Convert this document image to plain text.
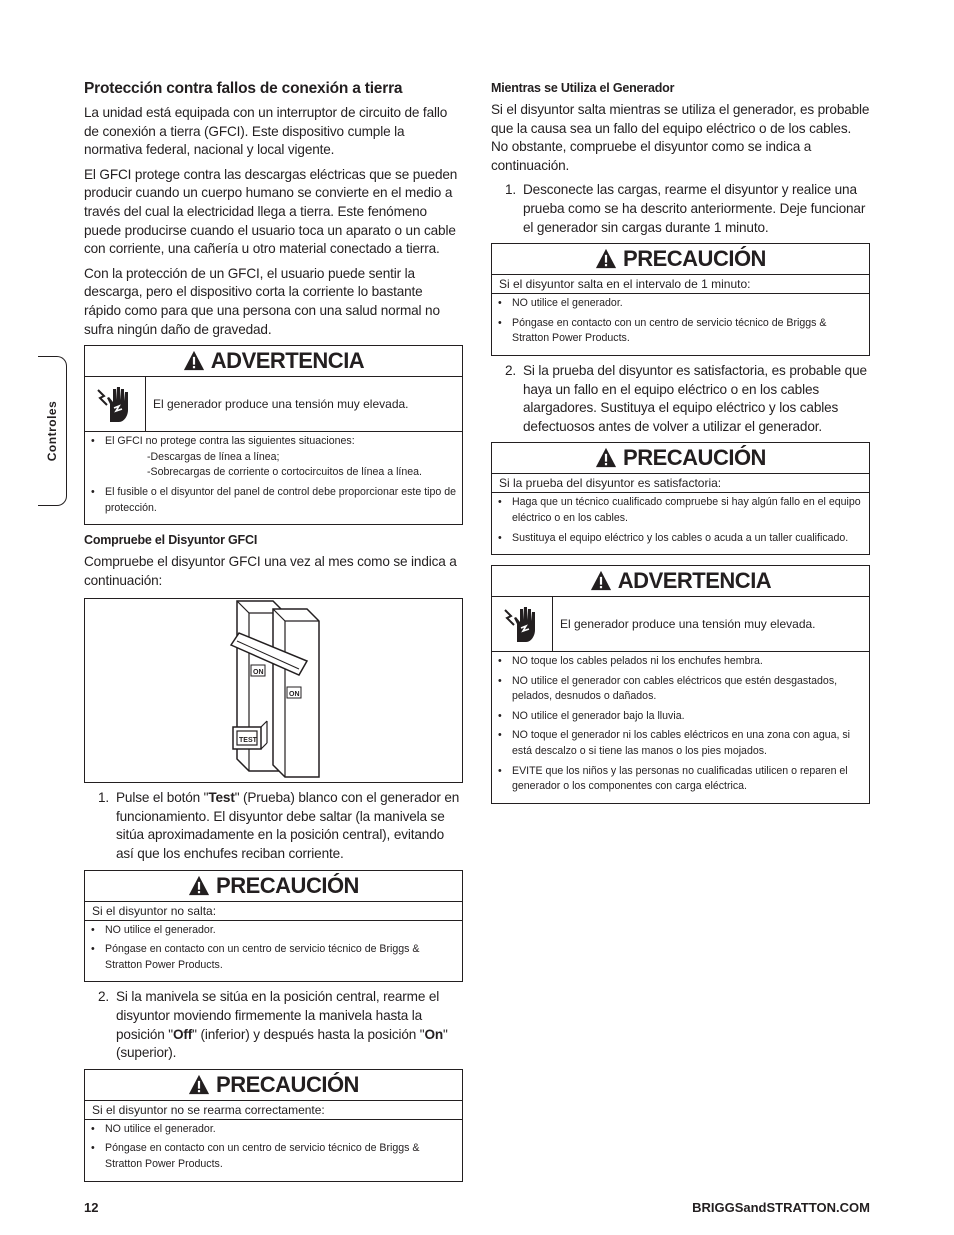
Controles
Protección contra fallos de conexión a tierra

La unidad está equipada con un interruptor de circuito de fallo de conexión a tierra (GFCI). Este dispositivo cumple la normativa federal, nacional y local vigente.

El GFCI protege contra las descargas eléctricas que se pueden producir cuando un cuerpo humano se convierte en el medio a través del cual la electricidad llega a tierra. Este fenómeno puede producirse cuando el usuario toca un aparato o un cable con corriente, una cañería u otro material conectado a tierra.

Con la protección de un GFCI, el usuario puede sentir la descarga, pero el dispositivo corta la corriente lo bastante rápido como para que una persona con una salud normal no sufra ningún daño de gravedad.

ADVERTENCIA
El generador produce una tensión muy elevada.
• El GFCI no protege contra las siguientes situaciones:
-Descargas de línea a línea;
-Sobrecargas de corriente o cortocircuitos de línea a línea.
• El fusible o el disyuntor del panel de control debe proporcionar este tipo de protección.
Compruebe el Disyuntor GFCI

Compruebe el disyuntor GFCI una vez al mes como se indica a continuación:

ON
ON
TEST
1. Pulse el botón "Test" (Prueba) blanco con el generador en funcionamiento. El disyuntor debe saltar (la manivela se sitúa aproximadamente en la posición central), evitando así que los enchufes reciban corriente.
PRECAUCIÓN
Si el disyuntor no salta:
• NO utilice el generador.
• Póngase en contacto con un centro de servicio técnico de Briggs & Stratton Power Products.
2. Si la manivela se sitúa en la posición central, rearme el disyuntor moviendo firmemente la manivela hasta la posición "Off" (inferior) y después hasta la posición "On" (superior).
PRECAUCIÓN
Si el disyuntor no se rearma correctamente:
• NO utilice el generador.
• Póngase en contacto con un centro de servicio técnico de Briggs & Stratton Power Products.
Mientras se Utiliza el Generador

Si el disyuntor salta mientras se utiliza el generador, es probable que la causa sea un fallo del equipo eléctrico o de los cables. No obstante, compruebe el disyuntor como se indica a continuación.

1. Desconecte las cargas, rearme el disyuntor y realice una prueba como se ha descrito anteriormente. Deje funcionar el generador sin cargas durante 1 minuto.
PRECAUCIÓN
Si el disyuntor salta en el intervalo de 1 minuto:
• NO utilice el generador.
• Póngase en contacto con un centro de servicio técnico de Briggs & Stratton Power Products.
2. Si la prueba del disyuntor es satisfactoria, es probable que haya un fallo en el equipo eléctrico o en los cables alargadores. Sustituya el equipo eléctrico y los cables defectuosos antes de volver a utilizar el generador.
PRECAUCIÓN
Si la prueba del disyuntor es satisfactoria:
• Haga que un técnico cualificado compruebe si hay algún fallo en el equipo eléctrico o en los cables.
• Sustituya el equipo eléctrico y los cables o acuda a un taller cualificado.
ADVERTENCIA
El generador produce una tensión muy elevada.
• NO toque los cables pelados ni los enchufes hembra.
• NO utilice el generador con cables eléctricos que estén desgastados, pelados, desnudos o dañados.
• NO utilice el generador bajo la lluvia.
• NO toque el generador ni los cables eléctricos en una zona con agua, si está descalzo o si tiene las manos o los pies mojados.
• EVITE que los niños y las personas no cualificadas utilicen o reparen el generador o los componentes con carga eléctrica.
12	BRIGGSandSTRATTON.COM
